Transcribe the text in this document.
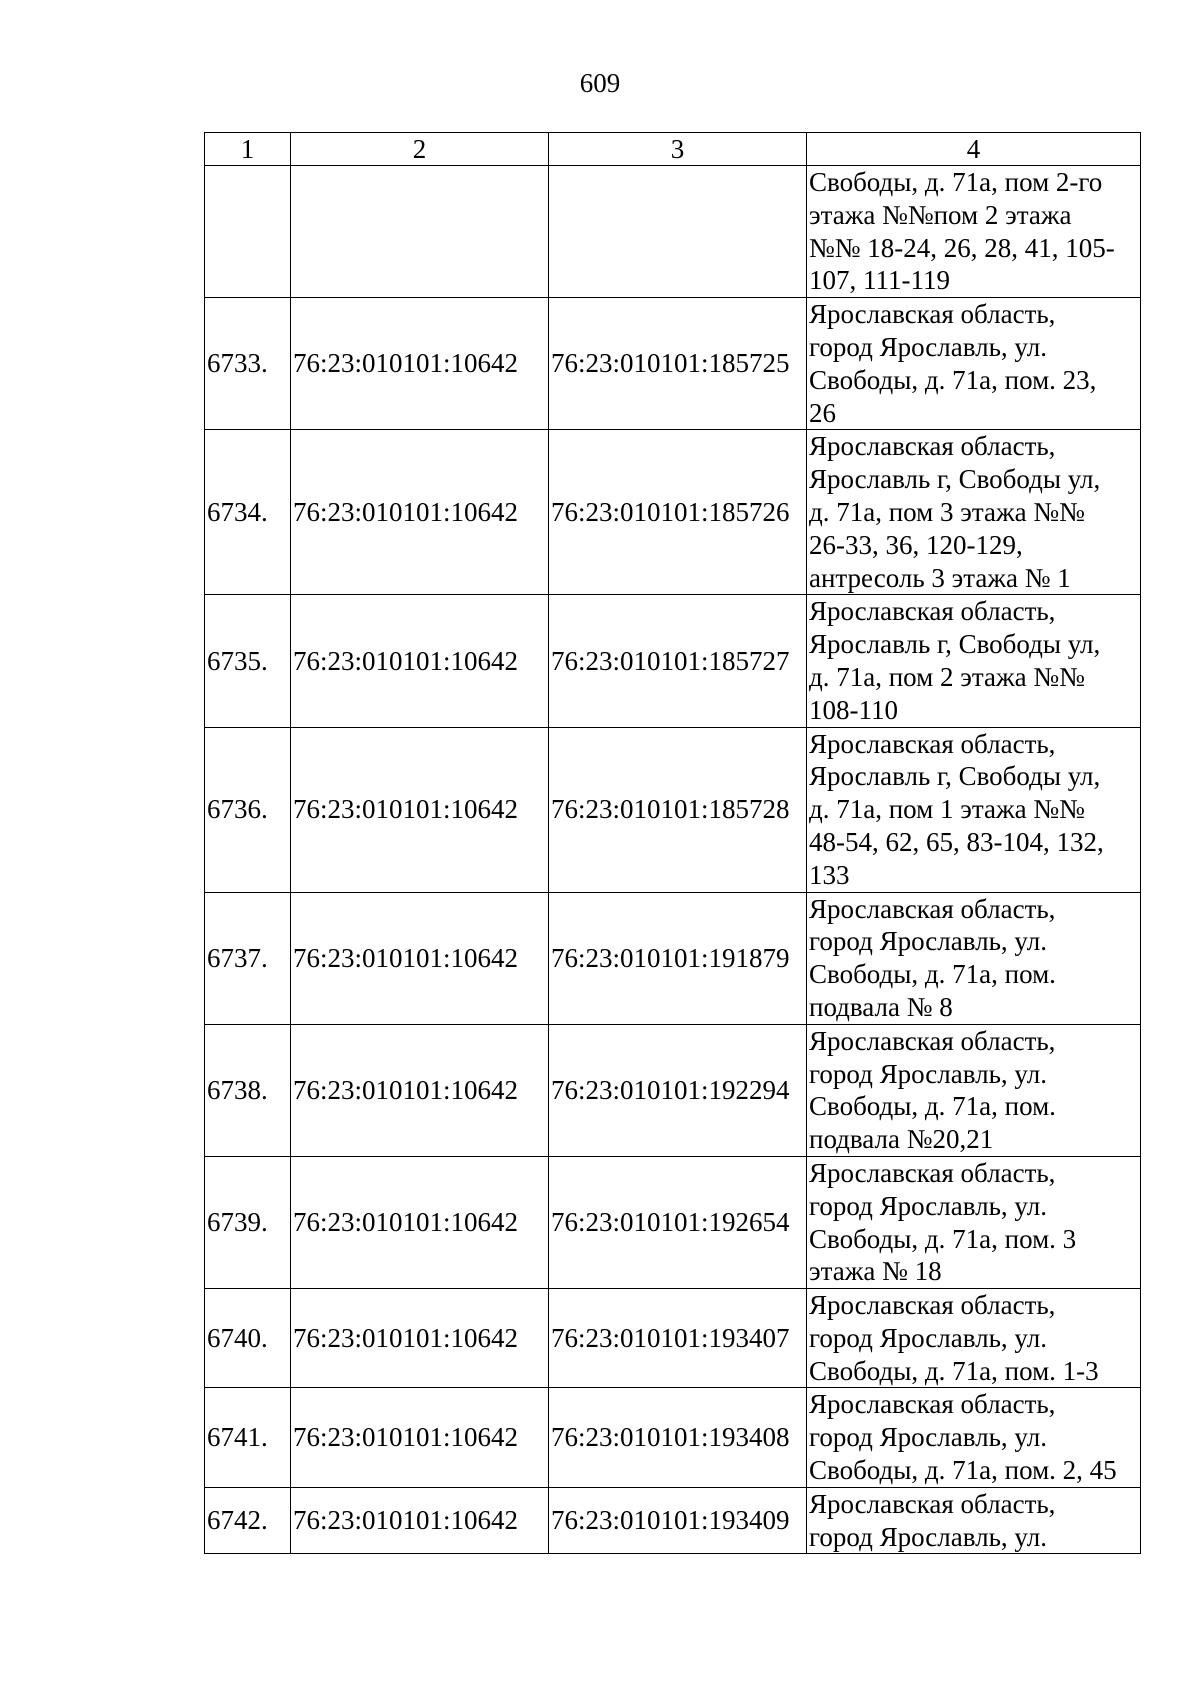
609
1	2	3	4
			Свободы, д. 71а, пом 2-го
этажа №№пом 2 этажа
№№ 18-24, 26, 28, 41, 105-
107, 111-119
6733.	76:23:010101:10642	76:23:010101:185725	Ярославская область,
город Ярославль, ул.
Свободы, д. 71а, пом. 23,
26
6734.	76:23:010101:10642	76:23:010101:185726	Ярославская область,
Ярославль г, Свободы ул,
д. 71а, пом 3 этажа №№
26-33, 36, 120-129,
антресоль 3 этажа № 1
6735.	76:23:010101:10642	76:23:010101:185727	Ярославская область,
Ярославль г, Свободы ул,
д. 71а, пом 2 этажа №№
108-110
6736.	76:23:010101:10642	76:23:010101:185728	Ярославская область,
Ярославль г, Свободы ул,
д. 71а, пом 1 этажа №№
48-54, 62, 65, 83-104, 132,
133
6737.	76:23:010101:10642	76:23:010101:191879	Ярославская область,
город Ярославль, ул.
Свободы, д. 71а, пом.
подвала № 8
6738.	76:23:010101:10642	76:23:010101:192294	Ярославская область,
город Ярославль, ул.
Свободы, д. 71а, пом.
подвала №20,21
6739.	76:23:010101:10642	76:23:010101:192654	Ярославская область,
город Ярославль, ул.
Свободы, д. 71а, пом. 3
этажа № 18
6740.	76:23:010101:10642	76:23:010101:193407	Ярославская область,
город Ярославль, ул.
Свободы, д. 71а, пом. 1-3
6741.	76:23:010101:10642	76:23:010101:193408	Ярославская область,
город Ярославль, ул.
Свободы, д. 71а, пом. 2, 45
6742.	76:23:010101:10642	76:23:010101:193409	Ярославская область,
город Ярославль, ул.
